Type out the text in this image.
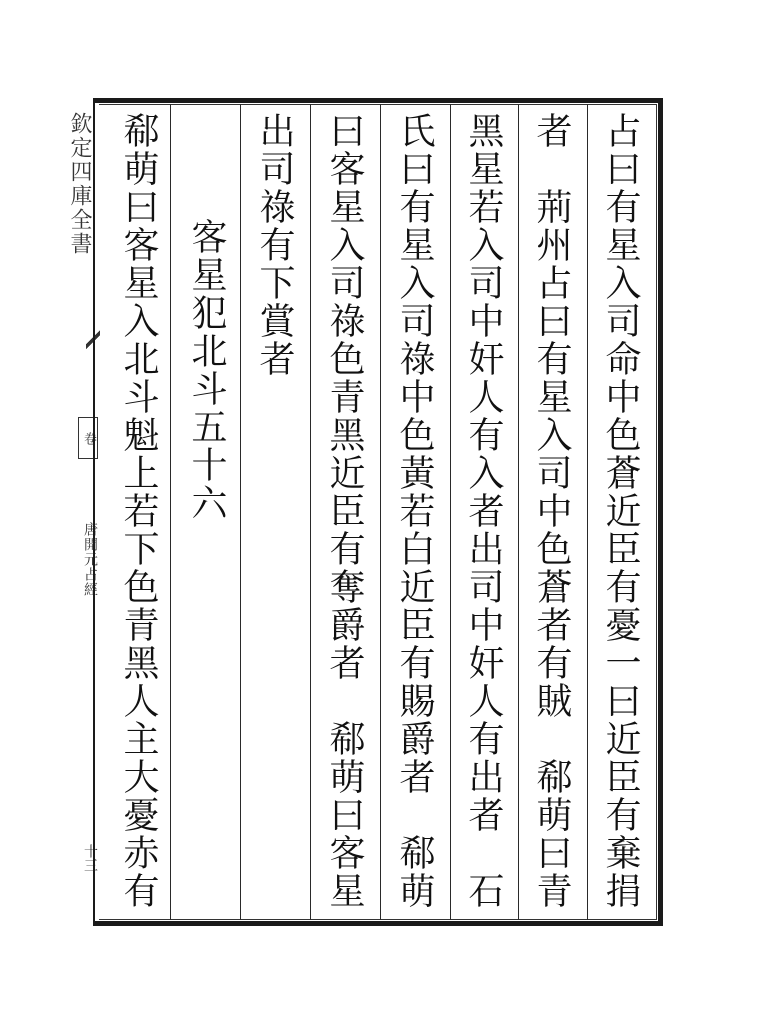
欽定四庫全書
卷
唐開元占經
十三	占曰有星入司命中色蒼近臣有憂一曰近臣有棄捐
者　荊州占曰有星入司中色蒼者有賊　郗萌曰青
黑星若入司中奸人有入者出司中奸人有出者　石
氏曰有星入司祿中色黃若白近臣有賜爵者　郗萌
曰客星入司祿色青黑近臣有奪爵者　郗萌曰客星
出司祿有下賞者
客星犯北斗五十六
郗萌曰客星入北斗魁上若下色青黑人主大憂赤有
